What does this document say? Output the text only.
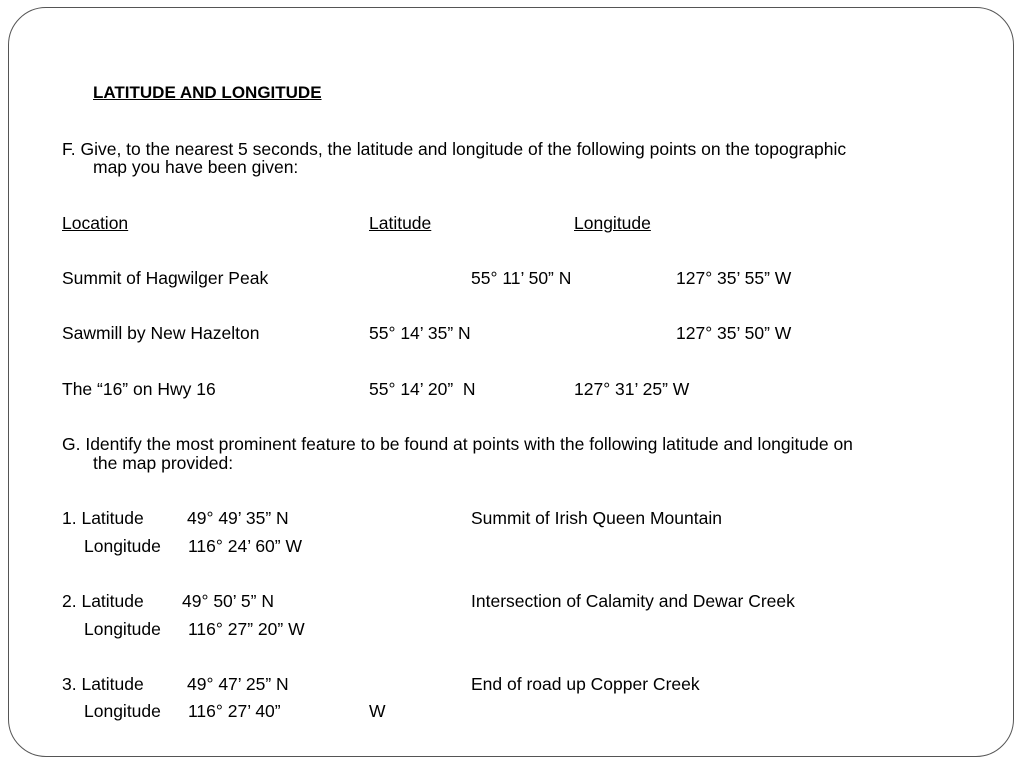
LATITUDE AND LONGITUDE
F. Give, to the nearest 5 seconds, the latitude and longitude of the following points on the topographic
map you have been given:
Location	Latitude	Longitude
Summit of Hagwilger Peak	55° 11’ 50” N	127° 35’ 55” W
Sawmill by New Hazelton	55° 14’ 35” N	127° 35’ 50” W
The “16” on Hwy 16	55° 14’ 20”  N	127° 31’ 25” W
G. Identify the most prominent feature to be found at points with the following latitude and longitude on
the map provided:
1. Latitude 49° 49’ 35” N	Summit of Irish Queen Mountain
Longitude 116° 24’ 60” W
2. Latitude 49° 50’ 5” N	Intersection of Calamity and Dewar Creek
Longitude 116° 27” 20” W
3. Latitude 49° 47’ 25” N	End of road up Copper Creek
Longitude 116° 27’ 40”	W
